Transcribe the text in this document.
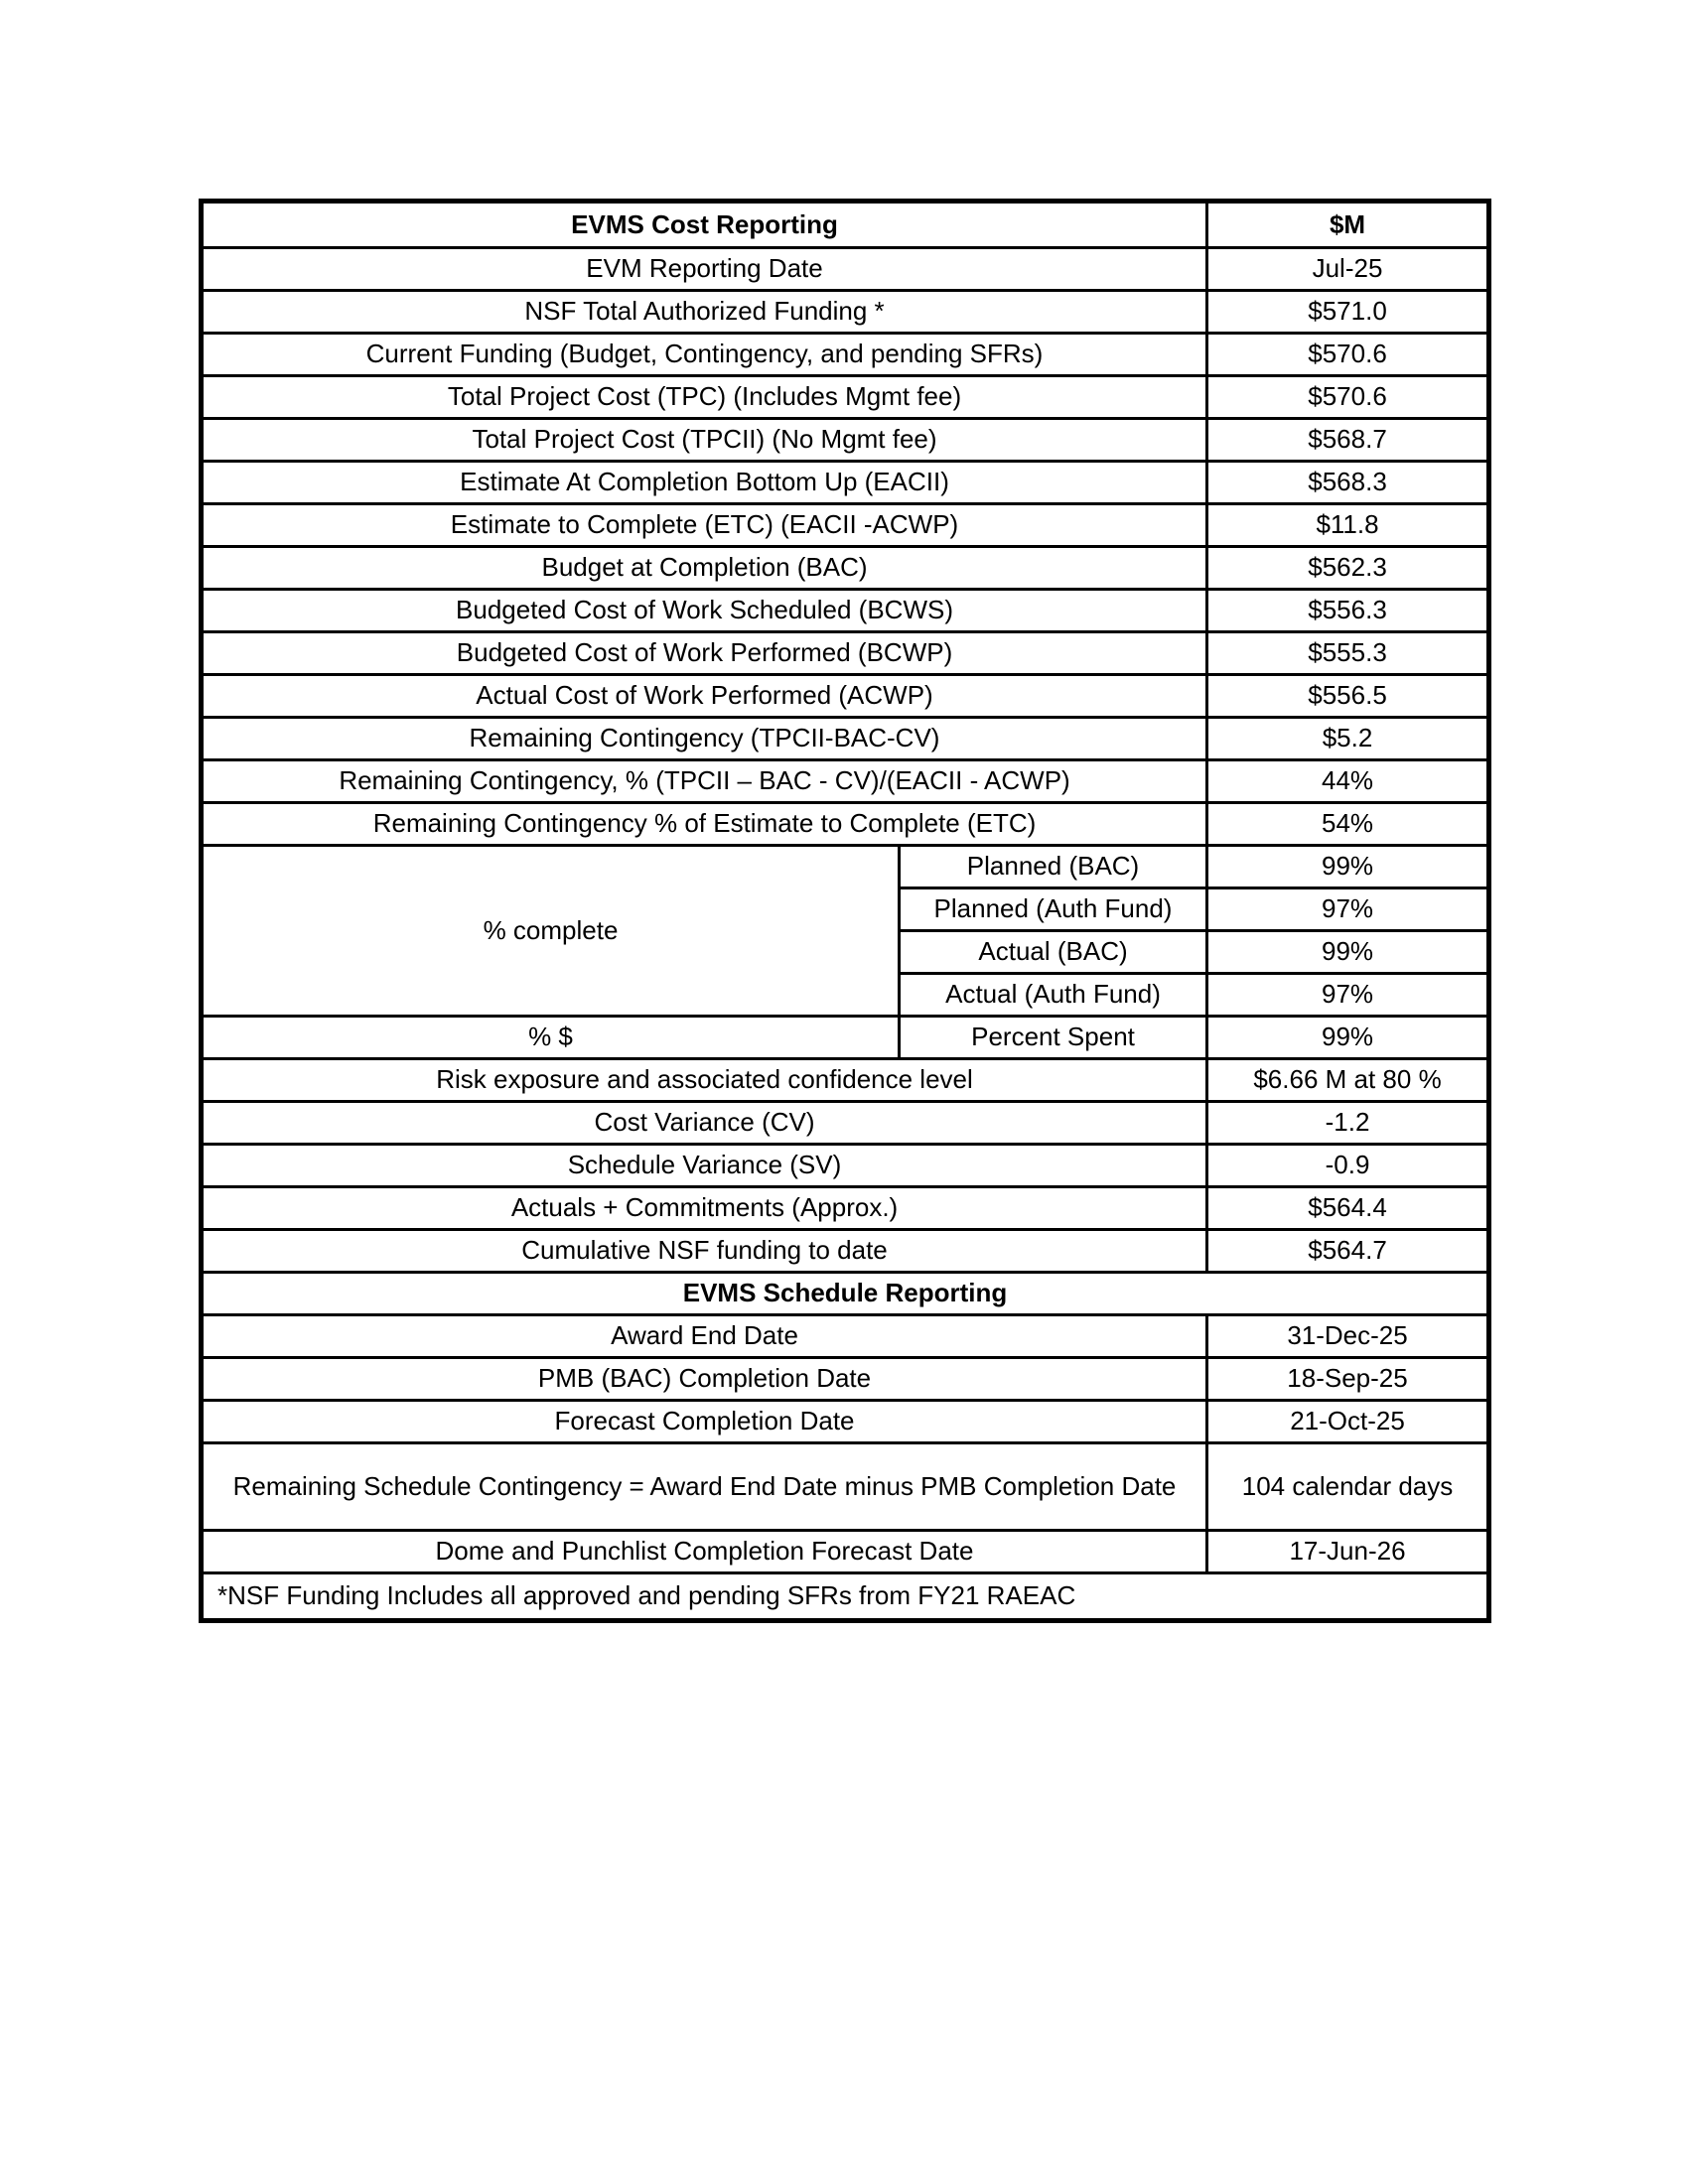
EVMS Cost Reporting		$M
EVM Reporting Date		Jul-25
NSF Total Authorized Funding *		$571.0
Current Funding (Budget, Contingency, and pending SFRs)		$570.6
Total Project Cost (TPC) (Includes Mgmt fee)		$570.6
Total Project Cost (TPCII) (No Mgmt fee)		$568.7
Estimate At Completion Bottom Up (EACII)		$568.3
Estimate to Complete (ETC) (EACII -ACWP)		$11.8
Budget at Completion (BAC)		$562.3
Budgeted Cost of Work Scheduled (BCWS)		$556.3
Budgeted Cost of Work Performed (BCWP)		$555.3
Actual Cost of Work Performed (ACWP)		$556.5
Remaining Contingency (TPCII-BAC-CV)		$5.2
Remaining Contingency, % (TPCII – BAC - CV)/(EACII - ACWP)		44%
Remaining Contingency % of Estimate to Complete (ETC)		54%
% complete	Planned (BAC)	99%
	Planned (Auth Fund)	97%
	Actual (BAC)	99%
	Actual (Auth Fund)	97%
% $	Percent Spent	99%
Risk exposure and associated confidence level		$6.66 M at 80 %
Cost Variance (CV)		-1.2
Schedule Variance (SV)		-0.9
Actuals + Commitments (Approx.)		$564.4
Cumulative NSF funding to date		$564.7
EVMS Schedule Reporting		
Award End Date		31-Dec-25
PMB (BAC) Completion Date		18-Sep-25
Forecast Completion Date		21-Oct-25
Remaining Schedule Contingency = Award End Date minus PMB Completion Date		104 calendar days
Dome and Punchlist Completion Forecast Date		17-Jun-26
*NSF Funding Includes all approved and pending SFRs from FY21 RAEAC		
